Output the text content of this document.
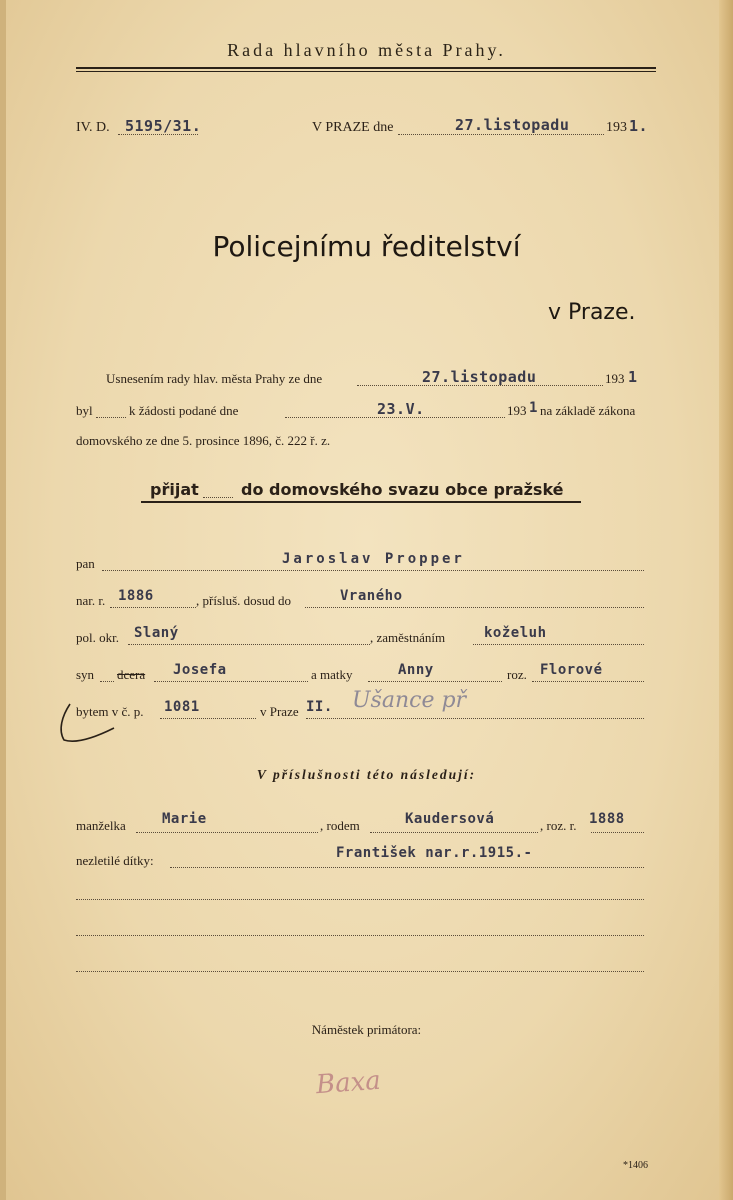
Rada hlavního města Prahy.
IV. D. 5195/31.	V PRAZE dne	27.listopadu	193 1.
Policejnímu ředitelství
v Praze.
Usnesením rady hlav. města Prahy ze dne	27.listopadu	193 1
byl	k žádosti podané dne	23.V.	193 1 na základě zákona
domovského ze dne 5. prosince 1896, č. 222 ř. z.
přijat	do domovského svazu obce pražské
pan	Jaroslav Propper
nar. r. 1886	, přísluš. dosud do	Vraného
pol. okr. Slaný	, zaměstnáním	koželuh
syn dcera Josefa	a matky	Anny	roz. Florové
bytem v č. p. 1081	v Praze II. Ušance př
V příslušnosti této následují:
manželka	Marie	, rodem	Kaudersová	, roz. r. 1888
nezletilé dítky:	František nar.r.1915.-
Náměstek primátora:
Baxa
*1406
